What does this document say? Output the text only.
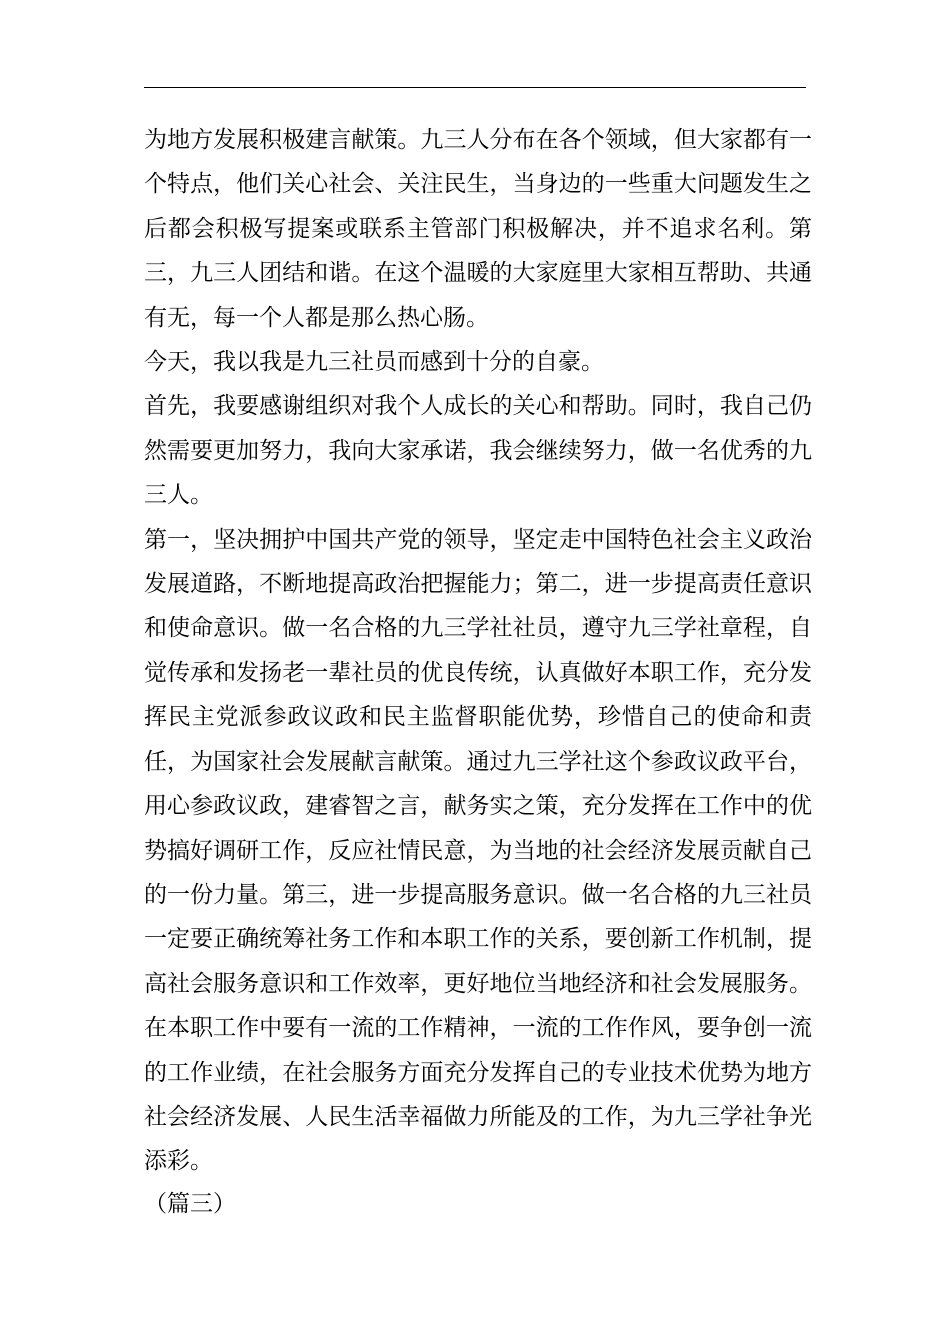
为地方发展积极建言献策。九三人分布在各个领域，但大家都有一个特点，他们关心社会、关注民生，当身边的一些重大问题发生之后都会积极写提案或联系主管部门积极解决，并不追求名利。第三，九三人团结和谐。在这个温暖的大家庭里大家相互帮助、共通有无，每一个人都是那么热心肠。

今天，我以我是九三社员而感到十分的自豪。

首先，我要感谢组织对我个人成长的关心和帮助。同时，我自己仍然需要更加努力，我向大家承诺，我会继续努力，做一名优秀的九三人。

第一，坚决拥护中国共产党的领导，坚定走中国特色社会主义政治发展道路，不断地提高政治把握能力；第二，进一步提高责任意识和使命意识。做一名合格的九三学社社员，遵守九三学社章程，自觉传承和发扬老一辈社员的优良传统，认真做好本职工作，充分发挥民主党派参政议政和民主监督职能优势，珍惜自己的使命和责任，为国家社会发展献言献策。通过九三学社这个参政议政平台，用心参政议政，建睿智之言，献务实之策，充分发挥在工作中的优势搞好调研工作，反应社情民意，为当地的社会经济发展贡献自己的一份力量。第三，进一步提高服务意识。做一名合格的九三社员一定要正确统筹社务工作和本职工作的关系，要创新工作机制，提高社会服务意识和工作效率，更好地位当地经济和社会发展服务。在本职工作中要有一流的工作精神，一流的工作作风，要争创一流的工作业绩，在社会服务方面充分发挥自己的专业技术优势为地方社会经济发展、人民生活幸福做力所能及的工作，为九三学社争光添彩。

（篇三）
